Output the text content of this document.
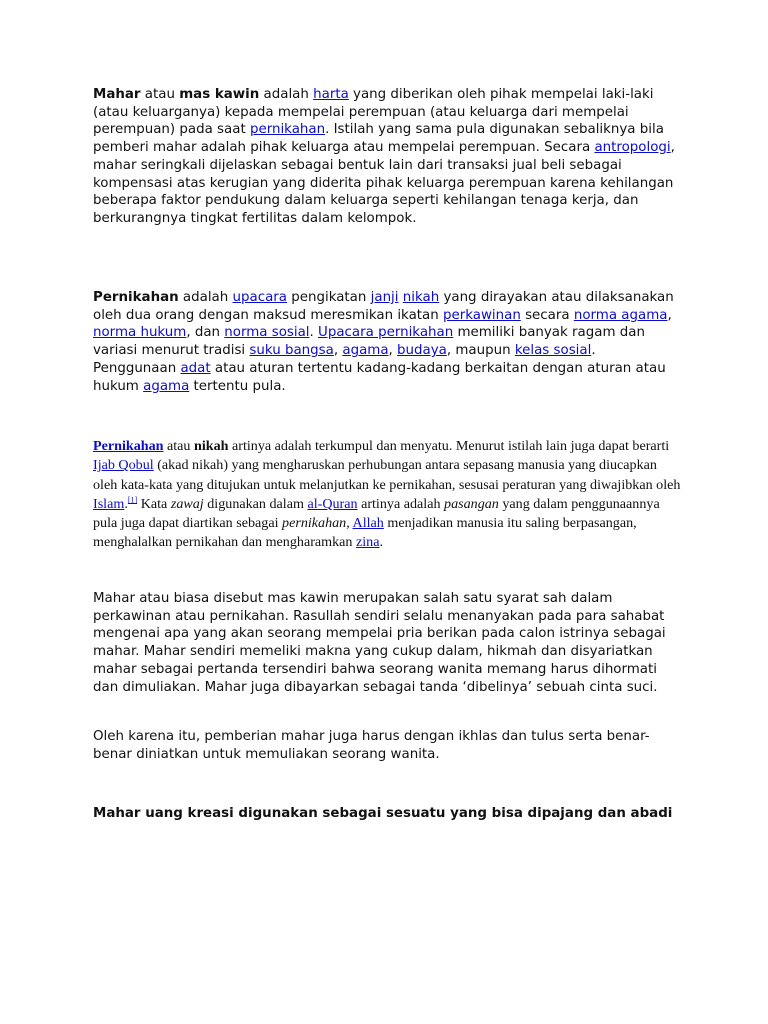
Mahar atau mas kawin adalah harta yang diberikan oleh pihak mempelai laki-laki (atau keluarganya) kepada mempelai perempuan (atau keluarga dari mempelai perempuan) pada saat pernikahan. Istilah yang sama pula digunakan sebaliknya bila pemberi mahar adalah pihak keluarga atau mempelai perempuan. Secara antropologi, mahar seringkali dijelaskan sebagai bentuk lain dari transaksi jual beli sebagai kompensasi atas kerugian yang diderita pihak keluarga perempuan karena kehilangan beberapa faktor pendukung dalam keluarga seperti kehilangan tenaga kerja, dan berkurangnya tingkat fertilitas dalam kelompok.

Pernikahan adalah upacara pengikatan janji nikah yang dirayakan atau dilaksanakan oleh dua orang dengan maksud meresmikan ikatan perkawinan secara norma agama, norma hukum, dan norma sosial. Upacara pernikahan memiliki banyak ragam dan variasi menurut tradisi suku bangsa, agama, budaya, maupun kelas sosial. Penggunaan adat atau aturan tertentu kadang-kadang berkaitan dengan aturan atau hukum agama tertentu pula.

Pernikahan atau nikah artinya adalah terkumpul dan menyatu. Menurut istilah lain juga dapat berarti Ijab Qobul (akad nikah) yang mengharuskan perhubungan antara sepasang manusia yang diucapkan oleh kata-kata yang ditujukan untuk melanjutkan ke pernikahan, sesusai peraturan yang diwajibkan oleh Islam.[1] Kata zawaj digunakan dalam al-Quran artinya adalah pasangan yang dalam penggunaannya pula juga dapat diartikan sebagai pernikahan, Allah menjadikan manusia itu saling berpasangan, menghalalkan pernikahan dan mengharamkan zina.

Mahar atau biasa disebut mas kawin merupakan salah satu syarat sah dalam perkawinan atau pernikahan. Rasullah sendiri selalu menanyakan pada para sahabat mengenai apa yang akan seorang mempelai pria berikan pada calon istrinya sebagai mahar. Mahar sendiri memeliki makna yang cukup dalam, hikmah dan disyariatkan mahar sebagai pertanda tersendiri bahwa seorang wanita memang harus dihormati dan dimuliakan. Mahar juga dibayarkan sebagai tanda ‘dibelinya’ sebuah cinta suci.

Oleh karena itu, pemberian mahar juga harus dengan ikhlas dan tulus serta benar-benar diniatkan untuk memuliakan seorang wanita.

Mahar uang kreasi digunakan sebagai sesuatu yang bisa dipajang dan abadi
